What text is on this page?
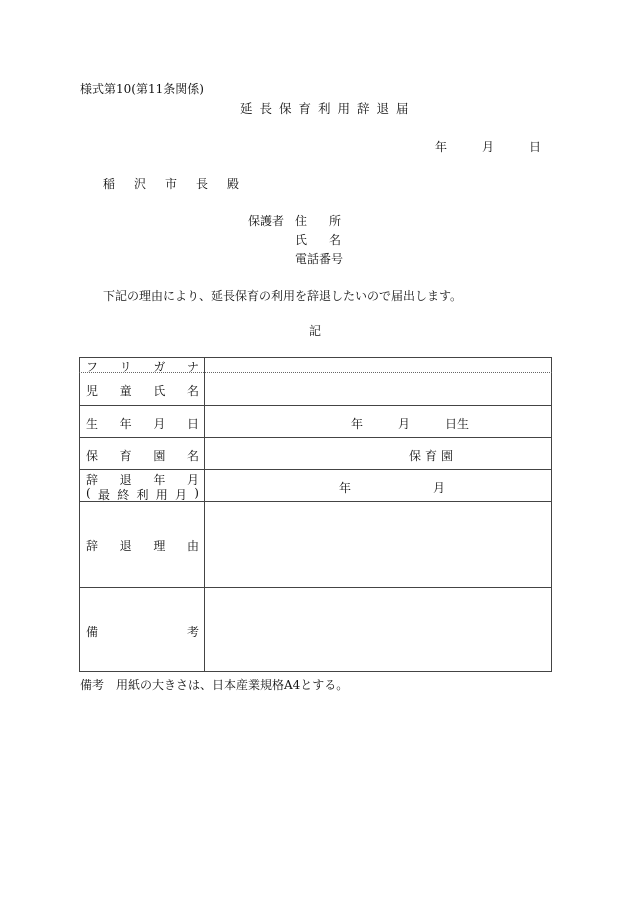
様式第10(第11条関係)
延長保育利用辞退届
年	月	日
稲 沢 市 長 殿
保護者 住 所
氏 名
電話番号
下記の理由により、延長保育の利用を辞退したいので届出します。
記
フ リ ガ ナ
児 童 氏 名
生 年 月 日	年	月	日生
保 育 園 名	保育園
辞 退 年 月
( 最 終 利 用 月 )	年	月
辞 退 理 由
備	考
備考　用紙の大きさは、日本産業規格A4とする。
